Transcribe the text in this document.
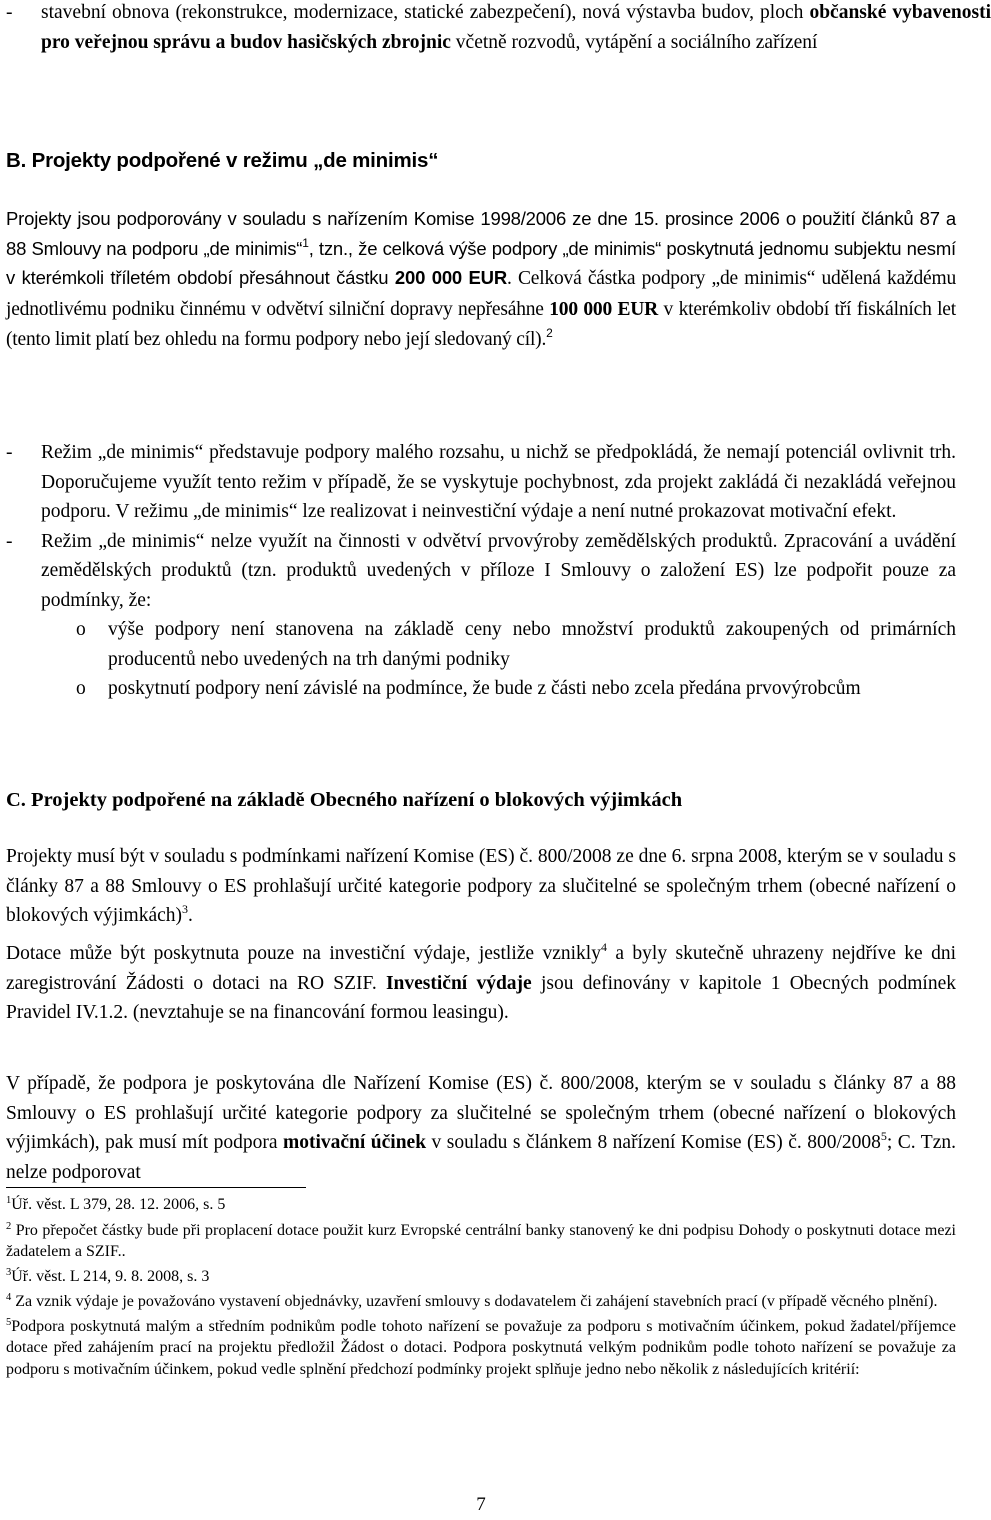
- stavební obnova (rekonstrukce, modernizace, statické zabezpečení), nová výstavba budov, ploch občanské vybavenosti pro veřejnou správu a budov hasičských zbrojnic včetně rozvodů, vytápění a sociálního zařízení
B. Projekty podpořené v režimu „de minimis“

Projekty jsou podporovány v souladu s nařízením Komise 1998/2006 ze dne 15. prosince 2006 o použití článků 87 a 88 Smlouvy na podporu „de minimis“$^1$, tzn., že celková výše podpory „de minimis“ poskytnutá jednomu subjektu nesmí v kterémkoli tříletém období přesáhnout částku 200 000 EUR. Celková částka podpory „de minimis“ udělená každému jednotlivému podniku činnému v odvětví silniční dopravy nepřesáhne 100 000 EUR v kterémkoliv období tří fiskálních let (tento limit platí bez ohledu na formu podpory nebo její sledovaný cíl).$^2$

- Režim „de minimis“ představuje podpory malého rozsahu, u nichž se předpokládá, že nemají potenciál ovlivnit trh. Doporučujeme využít tento režim v případě, že se vyskytuje pochybnost, zda projekt zakládá či nezakládá veřejnou podporu. V režimu „de minimis“ lze realizovat i neinvestiční výdaje a není nutné prokazovat motivační efekt.
- Režim „de minimis“ nelze využít na činnosti v odvětví prvovýroby zemědělských produktů. Zpracování a uvádění zemědělských produktů (tzn. produktů uvedených v příloze I Smlouvy o založení ES) lze podpořit pouze za podmínky, že:
o výše podpory není stanovena na základě ceny nebo množství produktů zakoupených od primárních producentů nebo uvedených na trh danými podniky
o poskytnutí podpory není závislé na podmínce, že bude z části nebo zcela předána prvovýrobcům
C. Projekty podpořené na základě Obecného nařízení o blokových výjimkách

Projekty musí být v souladu s podmínkami nařízení Komise (ES) č. 800/2008 ze dne 6. srpna 2008, kterým se v souladu s články 87 a 88 Smlouvy o ES prohlašují určité kategorie podpory za slučitelné se společným trhem (obecné nařízení o blokových výjimkách)$^3$.

Dotace může být poskytnuta pouze na investiční výdaje, jestliže vznikly$^4$ a byly skutečně uhrazeny nejdříve ke dni zaregistrování Žádosti o dotaci na RO SZIF. Investiční výdaje jsou definovány v kapitole 1 Obecných podmínek Pravidel IV.1.2. (nevztahuje se na financování formou leasingu).

V případě, že podpora je poskytována dle Nařízení Komise (ES) č. 800/2008, kterým se v souladu s články 87 a 88 Smlouvy o ES prohlašují určité kategorie podpory za slučitelné se společným trhem (obecné nařízení o blokových výjimkách), pak musí mít podpora motivační účinek v souladu s článkem 8 nařízení Komise (ES) č. 800/2008$^5$; C. Tzn. nelze podporovat

$^1$Úř. věst. L 379, 28. 12. 2006, s. 5

$^2$ Pro přepočet částky bude při proplacení dotace použit kurz Evropské centrální banky stanovený ke dni podpisu Dohody o poskytnuti dotace mezi žadatelem a SZIF..

$^3$Úř. věst. L 214, 9. 8. 2008, s. 3

$^4$ Za vznik výdaje je považováno vystavení objednávky, uzavření smlouvy s dodavatelem či zahájení stavebních prací (v případě věcného plnění).

$^5$Podpora poskytnutá malým a středním podnikům podle tohoto nařízení se považuje za podporu s motivačním účinkem, pokud žadatel/příjemce dotace před zahájením prací na projektu předložil Žádost o dotaci. Podpora poskytnutá velkým podnikům podle tohoto nařízení se považuje za podporu s motivačním účinkem, pokud vedle splnění předchozí podmínky projekt splňuje jedno nebo několik z následujících kritérií:

7
